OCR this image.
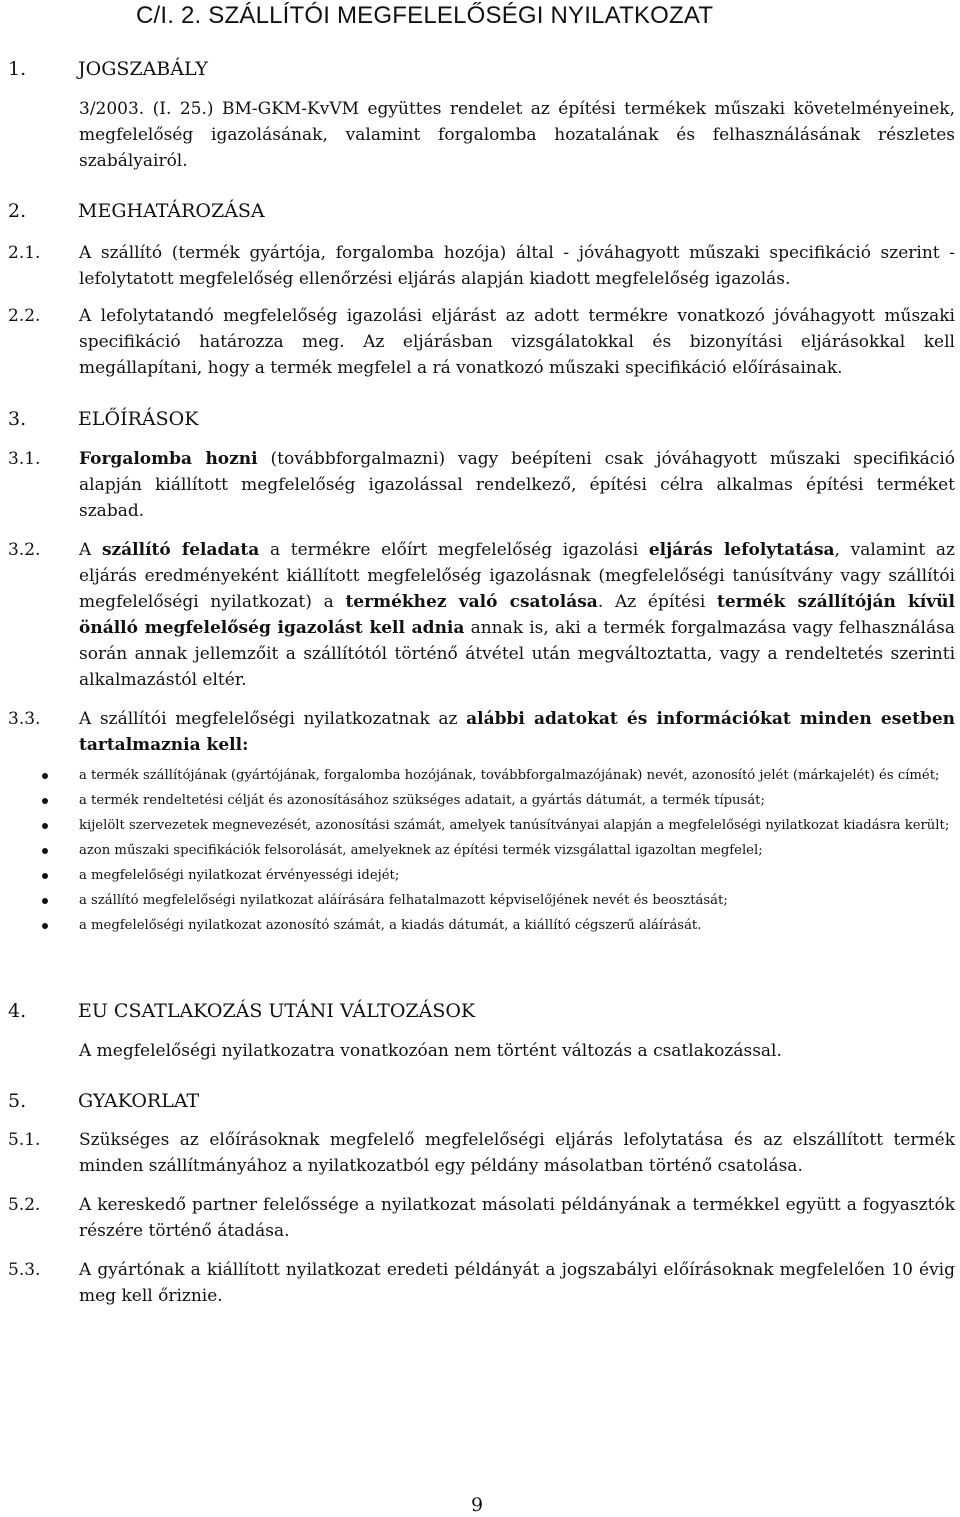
C/I. 2. SZÁLLÍTÓI MEGFELELŐSÉGI NYILATKOZAT
1.	JOGSZABÁLY
3/2003. (I. 25.) BM-GKM-KvVM együttes rendelet az építési termékek műszaki követelményeinek, megfelelőség igazolásának, valamint forgalomba hozatalának és felhasználásának részletes szabályairól.
2.	MEGHATÁROZÁSA
2.1. A szállító (termék gyártója, forgalomba hozója) által - jóváhagyott műszaki specifikáció szerint - lefolytatott megfelelőség ellenőrzési eljárás alapján kiadott megfelelőség igazolás.
2.2. A lefolytatandó megfelelőség igazolási eljárást az adott termékre vonatkozó jóváhagyott műszaki specifikáció határozza meg. Az eljárásban vizsgálatokkal és bizonyítási eljárásokkal kell megállapítani, hogy a termék megfelel a rá vonatkozó műszaki specifikáció előírásainak.
3.	ELŐÍRÁSOK
3.1. Forgalomba hozni (továbbforgalmazni) vagy beépíteni csak jóváhagyott műszaki specifikáció alapján kiállított megfelelőség igazolással rendelkező, építési célra alkalmas építési terméket szabad.
3.2. A szállító feladata a termékre előírt megfelelőség igazolási eljárás lefolytatása, valamint az eljárás eredményeként kiállított megfelelőség igazolásnak (megfelelőségi tanúsítvány vagy szállítói megfelelőségi nyilatkozat) a termékhez való csatolása. Az építési termék szállítóján kívül önálló megfelelőség igazolást kell adnia annak is, aki a termék forgalmazása vagy felhasználása során annak jellemzőit a szállítótól történő átvétel után megváltoztatta, vagy a rendeltetés szerinti alkalmazástól eltér.
3.3. A szállítói megfelelőségi nyilatkozatnak az alábbi adatokat és információkat minden esetben tartalmaznia kell:
a termék szállítójának (gyártójának, forgalomba hozójának, továbbforgalmazójának) nevét, azonosító jelét (márkajelét) és címét;
a termék rendeltetési célját és azonosításához szükséges adatait, a gyártás dátumát, a termék típusát;
kijelölt szervezetek megnevezését, azonosítási számát, amelyek tanúsítványai alapján a megfelelőségi nyilatkozat kiadásra került;
azon műszaki specifikációk felsorolását, amelyeknek az építési termék vizsgálattal igazoltan megfelel;
a megfelelőségi nyilatkozat érvényességi idejét;
a szállító megfelelőségi nyilatkozat aláírására felhatalmazott képviselőjének nevét és beosztását;
a megfelelőségi nyilatkozat azonosító számát, a kiadás dátumát, a kiállító cégszerű aláírását.
4.	EU CSATLAKOZÁS UTÁNI VÁLTOZÁSOK
A megfelelőségi nyilatkozatra vonatkozóan nem történt változás a csatlakozással.
5.	GYAKORLAT
5.1. Szükséges az előírásoknak megfelelő megfelelőségi eljárás lefolytatása és az elszállított termék minden szállítmányához a nyilatkozatból egy példány másolatban történő csatolása.
5.2. A kereskedő partner felelőssége a nyilatkozat másolati példányának a termékkel együtt a fogyasztók részére történő átadása.
5.3. A gyártónak a kiállított nyilatkozat eredeti példányát a jogszabályi előírásoknak megfelelően 10 évig meg kell őriznie.
9
